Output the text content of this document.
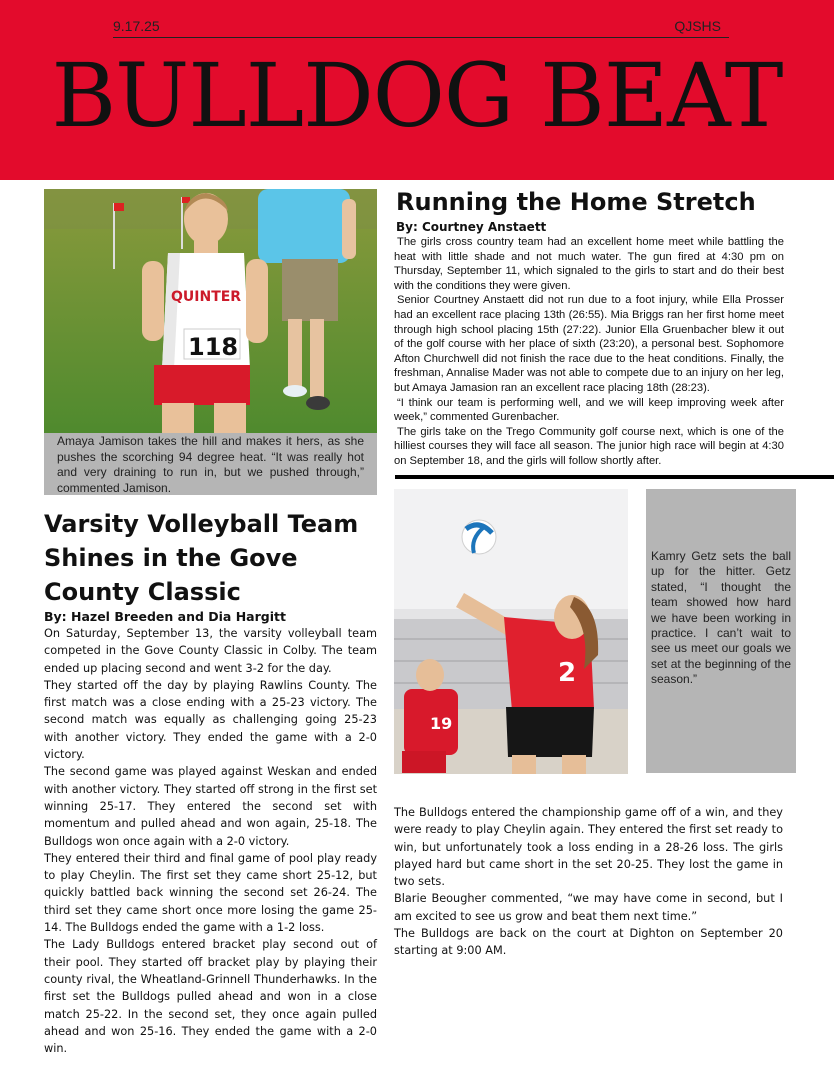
9.17.25	QJSHS
BULLDOG BEAT
QUINTER
118
Amaya Jamison takes the hill and makes it hers, as she pushes the scorching 94 degree heat. “It was really hot and very draining to run in, but we pushed through,” commented Jamison.
Running the Home Stretch
By: Courtney Anstaett

The girls cross country team had an excellent home meet while battling the heat with little shade and not much water. The gun fired at 4:30 pm on Thursday, September 11, which signaled to the girls to start and do their best with the conditions they were given.

Senior Courtney Anstaett did not run due to a foot injury, while Ella Prosser had an excellent race placing 13th (26:55). Mia Briggs ran her first home meet through high school placing 15th (27:22). Junior Ella Gruenbacher blew it out of the golf course with her place of sixth (23:20), a personal best. Sophomore Afton Churchwell did not finish the race due to the heat conditions. Finally, the freshman, Annalise Mader was not able to compete due to an injury on her leg, but Amaya Jamasion ran an excellent race placing 18th (28:23).

“I think our team is performing well, and we will keep improving week after week,” commented Gurenbacher.

The girls take on the Trego Community golf course next, which is one of the hilliest courses they will face all season. The junior high race will begin at 4:30 on September 18, and the girls will follow shortly after.

Varsity Volleyball Team Shines in the Gove County Classic
By: Hazel Breeden and Dia Hargitt

On Saturday, September 13, the varsity volleyball team competed in the Gove County Classic in Colby. The team ended up placing second and went 3-2 for the day.

They started off the day by playing Rawlins County. The first match was a close ending with a 25-23 victory. The second match was equally as challenging going 25-23 with another victory. They ended the game with a 2-0 victory.

The second game was played against Weskan and ended with another victory. They started off strong in the first set winning 25-17. They entered the second set with momentum and pulled ahead and won again, 25-18. The Bulldogs won once again with a 2-0 victory.

They entered their third and final game of pool play ready to play Cheylin. The first set they came short 25-12, but quickly battled back winning the second set 26-24. The third set they came short once more losing the game 25-14. The Bulldogs ended the game with a 1-2 loss.

The Lady Bulldogs entered bracket play second out of their pool. They started off bracket play by playing their county rival, the Wheatland-Grinnell Thunderhawks. In the first set the Bulldogs pulled ahead and won in a close match 25-22. In the second set, they once again pulled ahead and won 25-16. They ended the game with a 2-0 win.

19
2
Kamry Getz sets the ball up for the hitter. Getz stated, “I thought the team showed how hard we have been working in practice. I can’t wait to see us meet our goals we set at the beginning of the season.”

The Bulldogs entered the championship game off of a win, and they were ready to play Cheylin again. They entered the first set ready to win, but unfortunately took a loss ending in a 28-26 loss. The girls played hard but came short in the set 20-25. They lost the game in two sets.

Blarie Beougher commented, “we may have come in second, but I am excited to see us grow and beat them next time.”

The Bulldogs are back on the court at Dighton on September 20 starting at 9:00 AM.
